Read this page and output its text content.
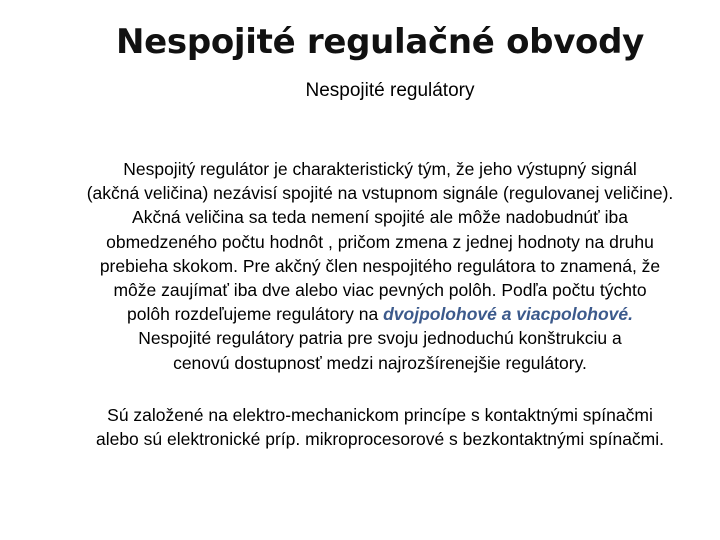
Nespojité regulačné obvody
Nespojité regulátory

Nespojitý regulátor je charakteristický tým, že jeho výstupný signál
(akčná veličina) nezávisí spojité na vstupnom signále (regulovanej veličine).
Akčná veličina sa teda nemení spojité ale môže nadobudnúť iba
obmedzeného počtu hodnôt , pričom zmena z jednej hodnoty na druhu
prebieha skokom. Pre akčný člen nespojitého regulátora to znamená, že
môže zaujímať iba dve alebo viac pevných polôh. Podľa počtu týchto
polôh rozdeľujeme regulátory na dvojpolohové a viacpolohové.
Nespojité regulátory patria pre svoju jednoduchú konštrukciu a
cenovú dostupnosť medzi najrozšírenejšie regulátory.

Sú založené na elektro-mechanickom princípe s kontaktnými spínačmi
alebo sú elektronické príp. mikroprocesorové s bezkontaktnými spínačmi.
